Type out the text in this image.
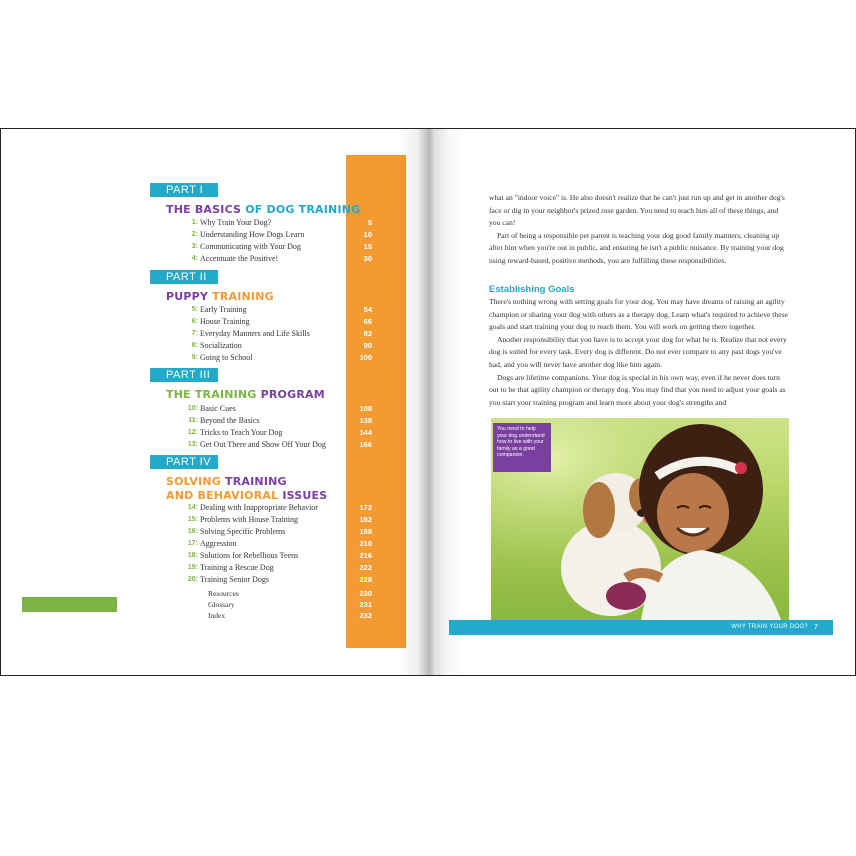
PART I
THE BASICS OF DOG TRAINING
1: Why Train Your Dog?	5
2: Understanding How Dogs Learn	10
3: Communicating with Your Dog	15
4: Accentuate the Positive!	30
PART II
PUPPY TRAINING
5: Early Training	54
6: House Training	66
7: Everyday Manners and Life Skills	82
8: Socialization	90
9: Going to School	100
PART III
THE TRAINING PROGRAM
10: Basic Cues	108
11: Beyond the Basics	138
12: Tricks to Teach Your Dog	144
13: Get Out There and Show Off Your Dog	166
PART IV
SOLVING TRAINING
AND BEHAVIORAL ISSUES
14: Dealing with Inappropriate Behavior	172
15: Problems with House Training	182
16: Solving Specific Problems	188
17: Aggression	210
18: Solutions for Rebellious Teens	216
19: Training a Rescue Dog	222
20: Training Senior Dogs	228
Resources	230
Glossary	231
Index	232

what an "indoor voice" is. He also doesn't realize that he can't just run up and get in another dog's face or dig in your neighbor's prized rose garden. You need to teach him all of these things, and you can!

Part of being a responsible pet parent is teaching your dog good family manners, cleaning up after him when you're out in public, and ensuring he isn't a public nuisance. By training your dog using reward-based, positive methods, you are fulfilling these responsibilities.

Establishing Goals

There's nothing wrong with setting goals for your dog. You may have dreams of raising an agility champion or sharing your dog with others as a therapy dog. Learn what's required to achieve these goals and start training your dog to reach them. You will work on getting there together.

Another responsibility that you have is to accept your dog for what he is. Realize that not every dog is suited for every task. Every dog is different. Do not ever compare to any past dogs you've had, and you will never have another dog like him again.

Dogs are lifetime companions. Your dog is special in his own way, even if he never does turn out to be that agility champion or therapy dog. You may find that you need to adjust your goals as you start your training program and learn more about your dog's strengths and

You need to help your dog understand how to live with your family as a good companion.
WHY TRAIN YOUR DOG? 7
